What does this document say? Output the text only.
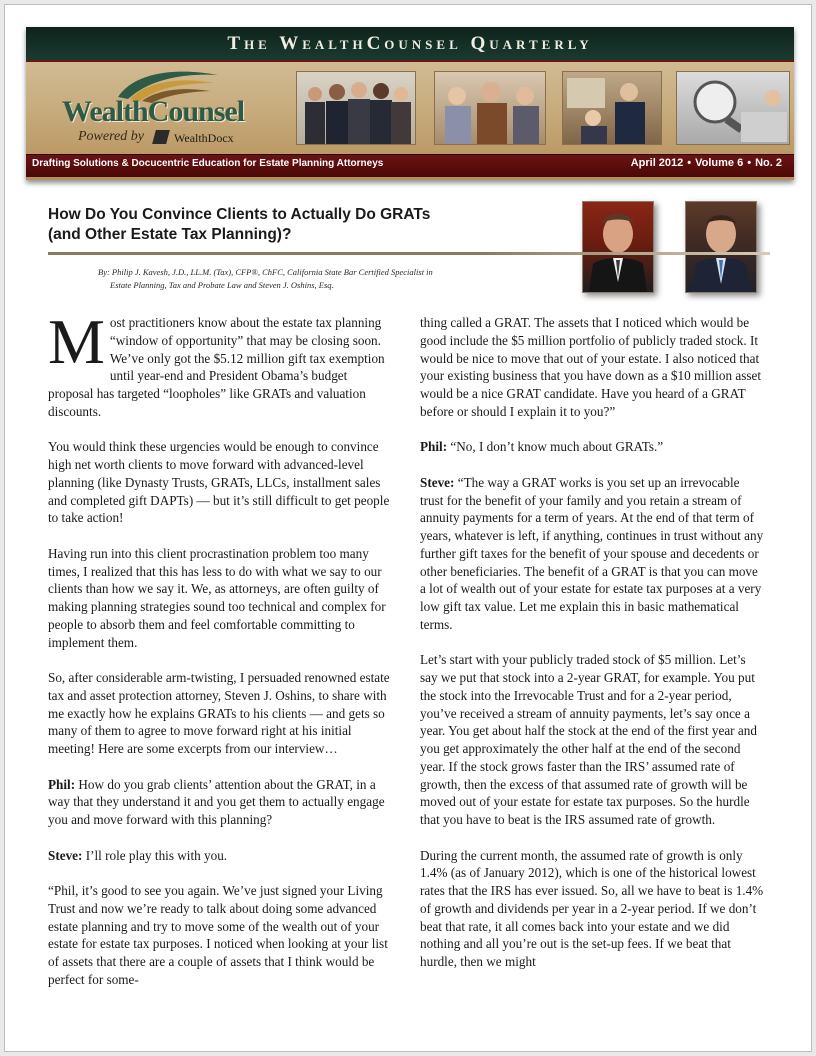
The WealthCounsel Quarterly
WealthCounsel
Powered by	WealthDocx
Drafting Solutions & Docucentric Education for Estate Planning Attorneys	April 2012 • Volume 6 • No. 2
How Do You Convince Clients to Actually Do GRATs
(and Other Estate Tax Planning)?
By: Philip J. Kavesh, J.D., LL.M. (Tax), CFP®, ChFC, California State Bar Certified Specialist in
Estate Planning, Tax and Probate Law and Steven J. Oshins, Esq.

Most practitioners know about the estate tax planning “window of opportunity” that may be closing soon. We’ve only got the $5.12 million gift tax exemption until year-end and President Obama’s budget proposal has targeted “loopholes” like GRATs and valuation discounts.

You would think these urgencies would be enough to convince high net worth clients to move forward with advanced-level planning (like Dynasty Trusts, GRATs, LLCs, installment sales and completed gift DAPTs) — but it’s still difficult to get people to take action!

Having run into this client procrastination problem too many times, I realized that this has less to do with what we say to our clients than how we say it. We, as attorneys, are often guilty of making planning strategies sound too technical and complex for people to absorb them and feel comfortable committing to implement them.

So, after considerable arm-twisting, I persuaded renowned estate tax and asset protection attorney, Steven J. Oshins, to share with me exactly how he explains GRATs to his clients — and gets so many of them to agree to move forward right at his initial meeting! Here are some excerpts from our interview…

Phil: How do you grab clients’ attention about the GRAT, in a way that they understand it and you get them to actually engage you and move forward with this planning?

Steve: I’ll role play this with you.

“Phil, it’s good to see you again. We’ve just signed your Living Trust and now we’re ready to talk about doing some advanced estate planning and try to move some of the wealth out of your estate for estate tax purposes. I noticed when looking at your list of assets that there are a couple of assets that I think would be perfect for some-

thing called a GRAT. The assets that I noticed which would be good include the $5 million portfolio of publicly traded stock. It would be nice to move that out of your estate. I also noticed that your existing business that you have down as a $10 million asset would be a nice GRAT candidate. Have you heard of a GRAT before or should I explain it to you?”

Phil: “No, I don’t know much about GRATs.”

Steve: “The way a GRAT works is you set up an irrevocable trust for the benefit of your family and you retain a stream of annuity payments for a term of years. At the end of that term of years, whatever is left, if anything, continues in trust without any further gift taxes for the benefit of your spouse and decedents or other beneficiaries. The benefit of a GRAT is that you can move a lot of wealth out of your estate for estate tax purposes at a very low gift tax value. Let me explain this in basic mathematical terms.

Let’s start with your publicly traded stock of $5 million. Let’s say we put that stock into a 2-year GRAT, for example. You put the stock into the Irrevocable Trust and for a 2-year period, you’ve received a stream of annuity payments, let’s say once a year. You get about half the stock at the end of the first year and you get approximately the other half at the end of the second year. If the stock grows faster than the IRS’ assumed rate of growth, then the excess of that assumed rate of growth will be moved out of your estate for estate tax purposes. So the hurdle that you have to beat is the IRS assumed rate of growth.

During the current month, the assumed rate of growth is only 1.4% (as of January 2012), which is one of the historical lowest rates that the IRS has ever issued. So, all we have to beat is 1.4% of growth and dividends per year in a 2-year period. If we don’t beat that rate, it all comes back into your estate and we did nothing and all you’re out is the set-up fees. If we beat that hurdle, then we might
